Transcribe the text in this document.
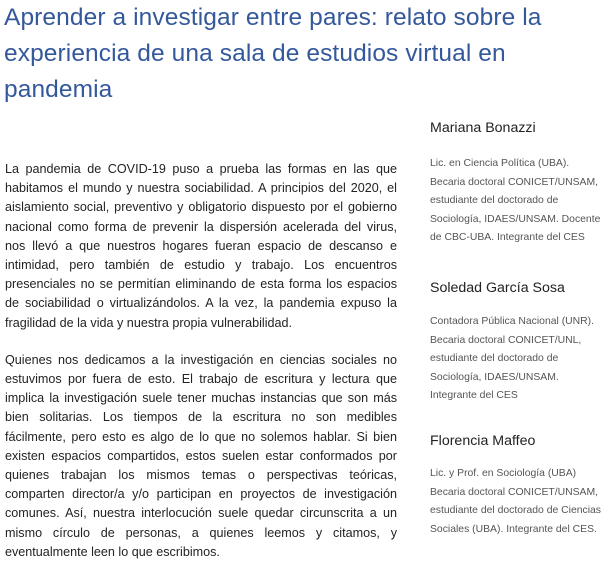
Aprender a investigar entre pares: relato sobre la experiencia de una sala de estudios virtual en pandemia

La pandemia de COVID-19 puso a prueba las formas en las que habitamos el mundo y nuestra sociabilidad. A principios del 2020, el aislamiento social, preventivo y obligatorio dispuesto por el gobierno nacional como forma de prevenir la dispersión acelerada del virus, nos llevó a que nuestros hogares fueran espacio de descanso e intimidad, pero también de estudio y trabajo. Los encuentros presenciales no se permitían eliminando de esta forma los espacios de sociabilidad o virtualizándolos. A la vez, la pandemia expuso la fragilidad de la vida y nuestra propia vulnerabilidad.

Quienes nos dedicamos a la investigación en ciencias sociales no estuvimos por fuera de esto. El trabajo de escritura y lectura que implica la investigación suele tener muchas instancias que son más bien solitarias. Los tiempos de la escritura no son medibles fácilmente, pero esto es algo de lo que no solemos hablar. Si bien existen espacios compartidos, estos suelen estar conformados por quienes trabajan los mismos temas o perspectivas teóricas, comparten director/a y/o participan en proyectos de investigación comunes. Así, nuestra interlocución suele quedar circunscrita a un mismo círculo de personas, a quienes leemos y citamos, y eventualmente leen lo que escribimos.

Mariana Bonazzi

Lic. en Ciencia Política (UBA). Becaria doctoral CONICET/UNSAM, estudiante del doctorado de Sociología, IDAES/UNSAM. Docente de CBC-UBA. Integrante del CES

Soledad García Sosa

Contadora Pública Nacional (UNR). Becaria doctoral CONICET/UNL, estudiante del doctorado de Sociología, IDAES/UNSAM. Integrante del CES

Florencia Maffeo

Lic. y Prof. en Sociología (UBA) Becaria doctoral CONICET/UNSAM, estudiante del doctorado de Ciencias Sociales (UBA). Integrante del CES.
